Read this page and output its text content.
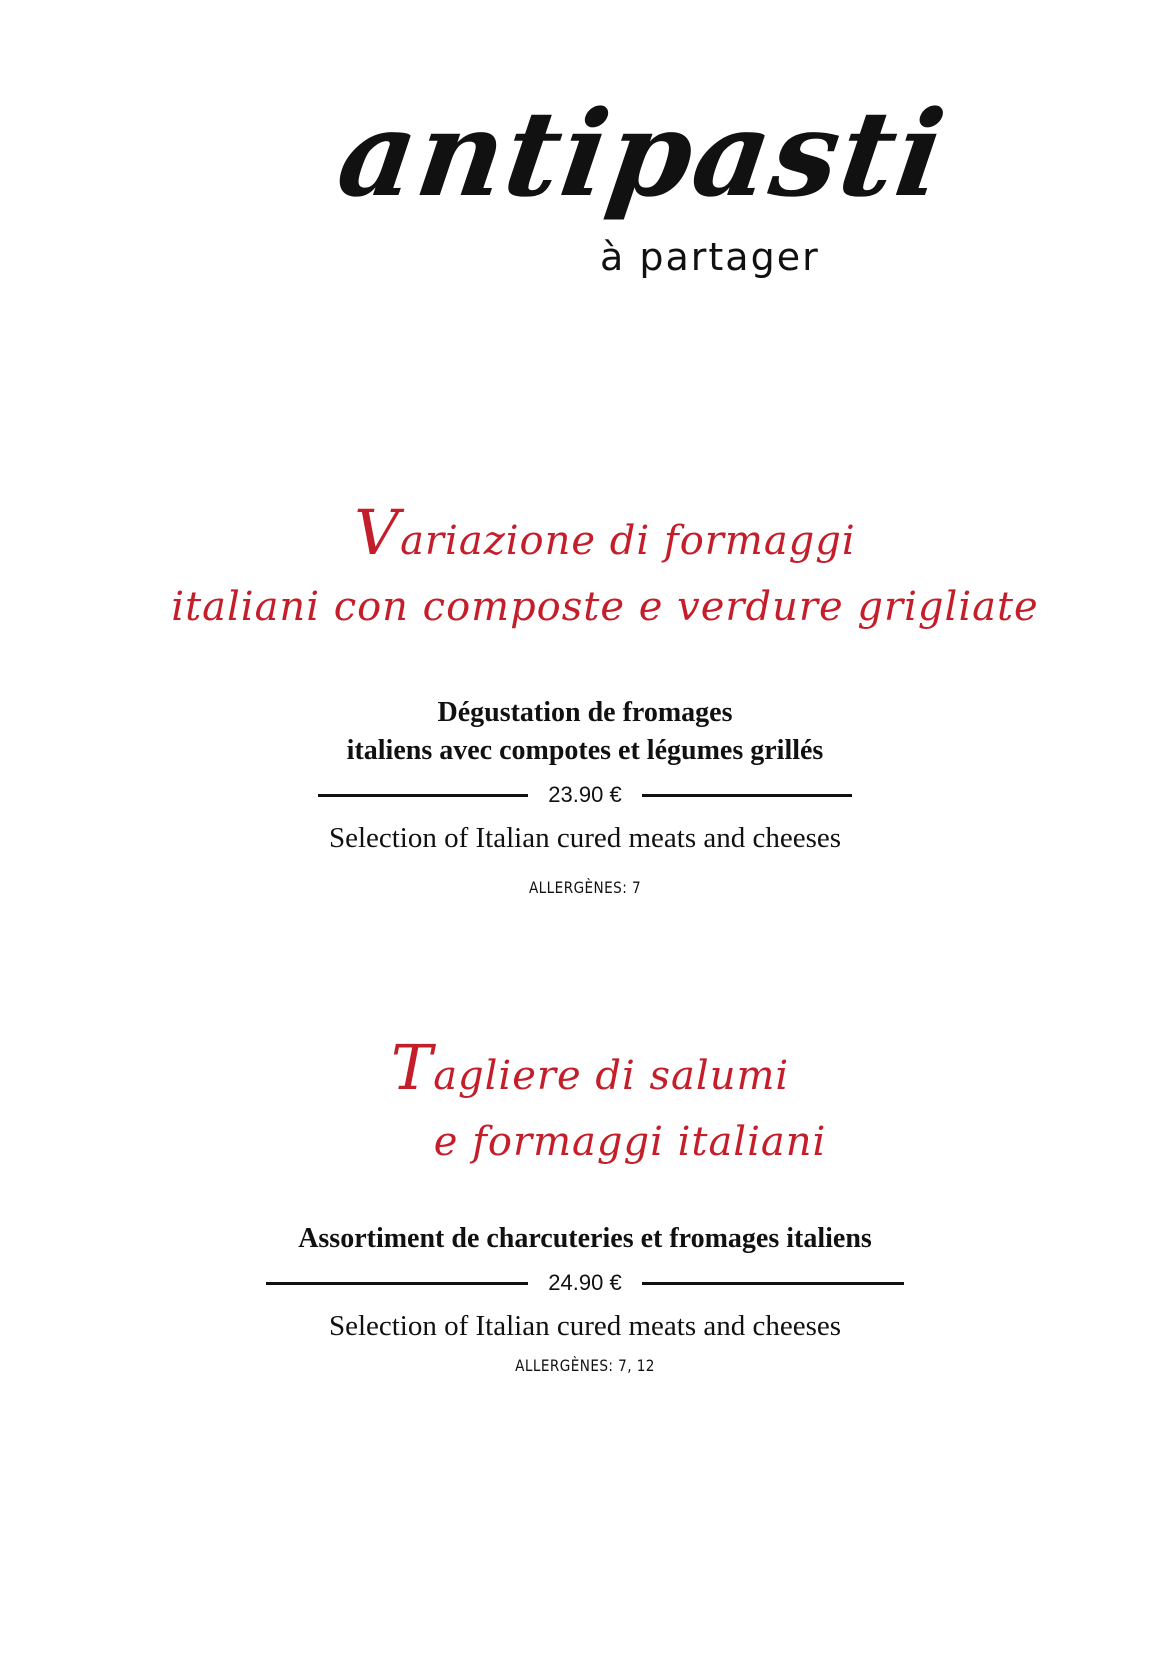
antipasti
à partager
Variazione di formaggi
italiani con composte e verdure grigliate
Dégustation de fromages
italiens avec compotes et légumes grillés
23.90 €
Selection of Italian cured meats and cheeses
ALLERGÈNES: 7
Tagliere di salumi
e formaggi italiani
Assortiment de charcuteries et fromages italiens
24.90 €
Selection of Italian cured meats and cheeses
ALLERGÈNES: 7, 12
